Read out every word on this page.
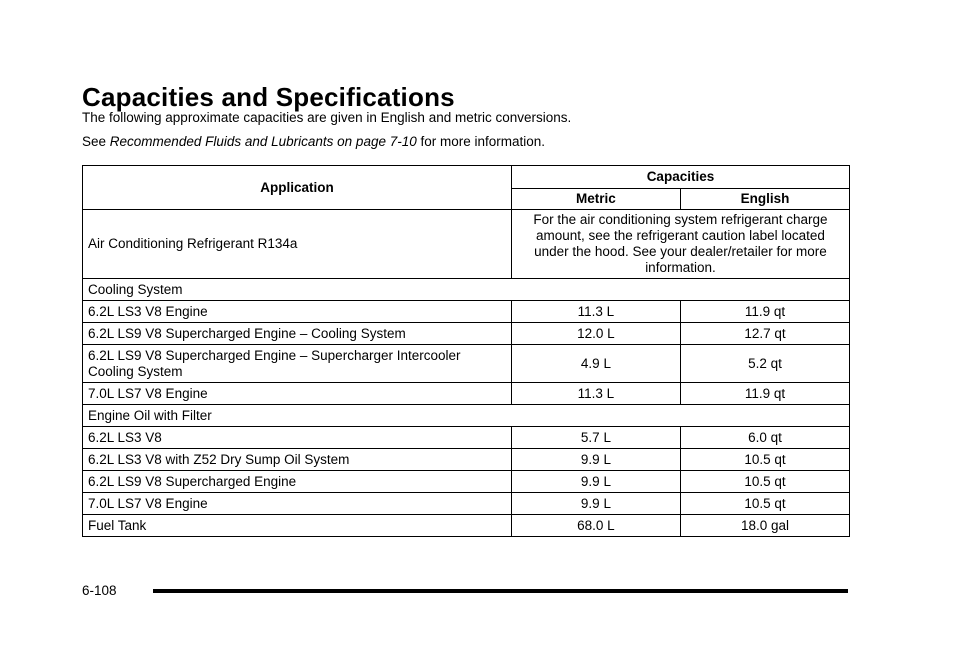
Capacities and Specifications
The following approximate capacities are given in English and metric conversions.
See Recommended Fluids and Lubricants on page 7-10 for more information.
Application	Capacities	
	Metric	English
Air Conditioning Refrigerant R134a	For the air conditioning system refrigerant charge amount, see the refrigerant caution label located under the hood. See your dealer/retailer for more information.	
Cooling System		
6.2L LS3 V8 Engine	11.3 L	11.9 qt
6.2L LS9 V8 Supercharged Engine – Cooling System	12.0 L	12.7 qt
6.2L LS9 V8 Supercharged Engine – Supercharger Intercooler Cooling System	4.9 L	5.2 qt
7.0L LS7 V8 Engine	11.3 L	11.9 qt
Engine Oil with Filter		
6.2L LS3 V8	5.7 L	6.0 qt
6.2L LS3 V8 with Z52 Dry Sump Oil System	9.9 L	10.5 qt
6.2L LS9 V8 Supercharged Engine	9.9 L	10.5 qt
7.0L LS7 V8 Engine	9.9 L	10.5 qt
Fuel Tank	68.0 L	18.0 gal
6-108
